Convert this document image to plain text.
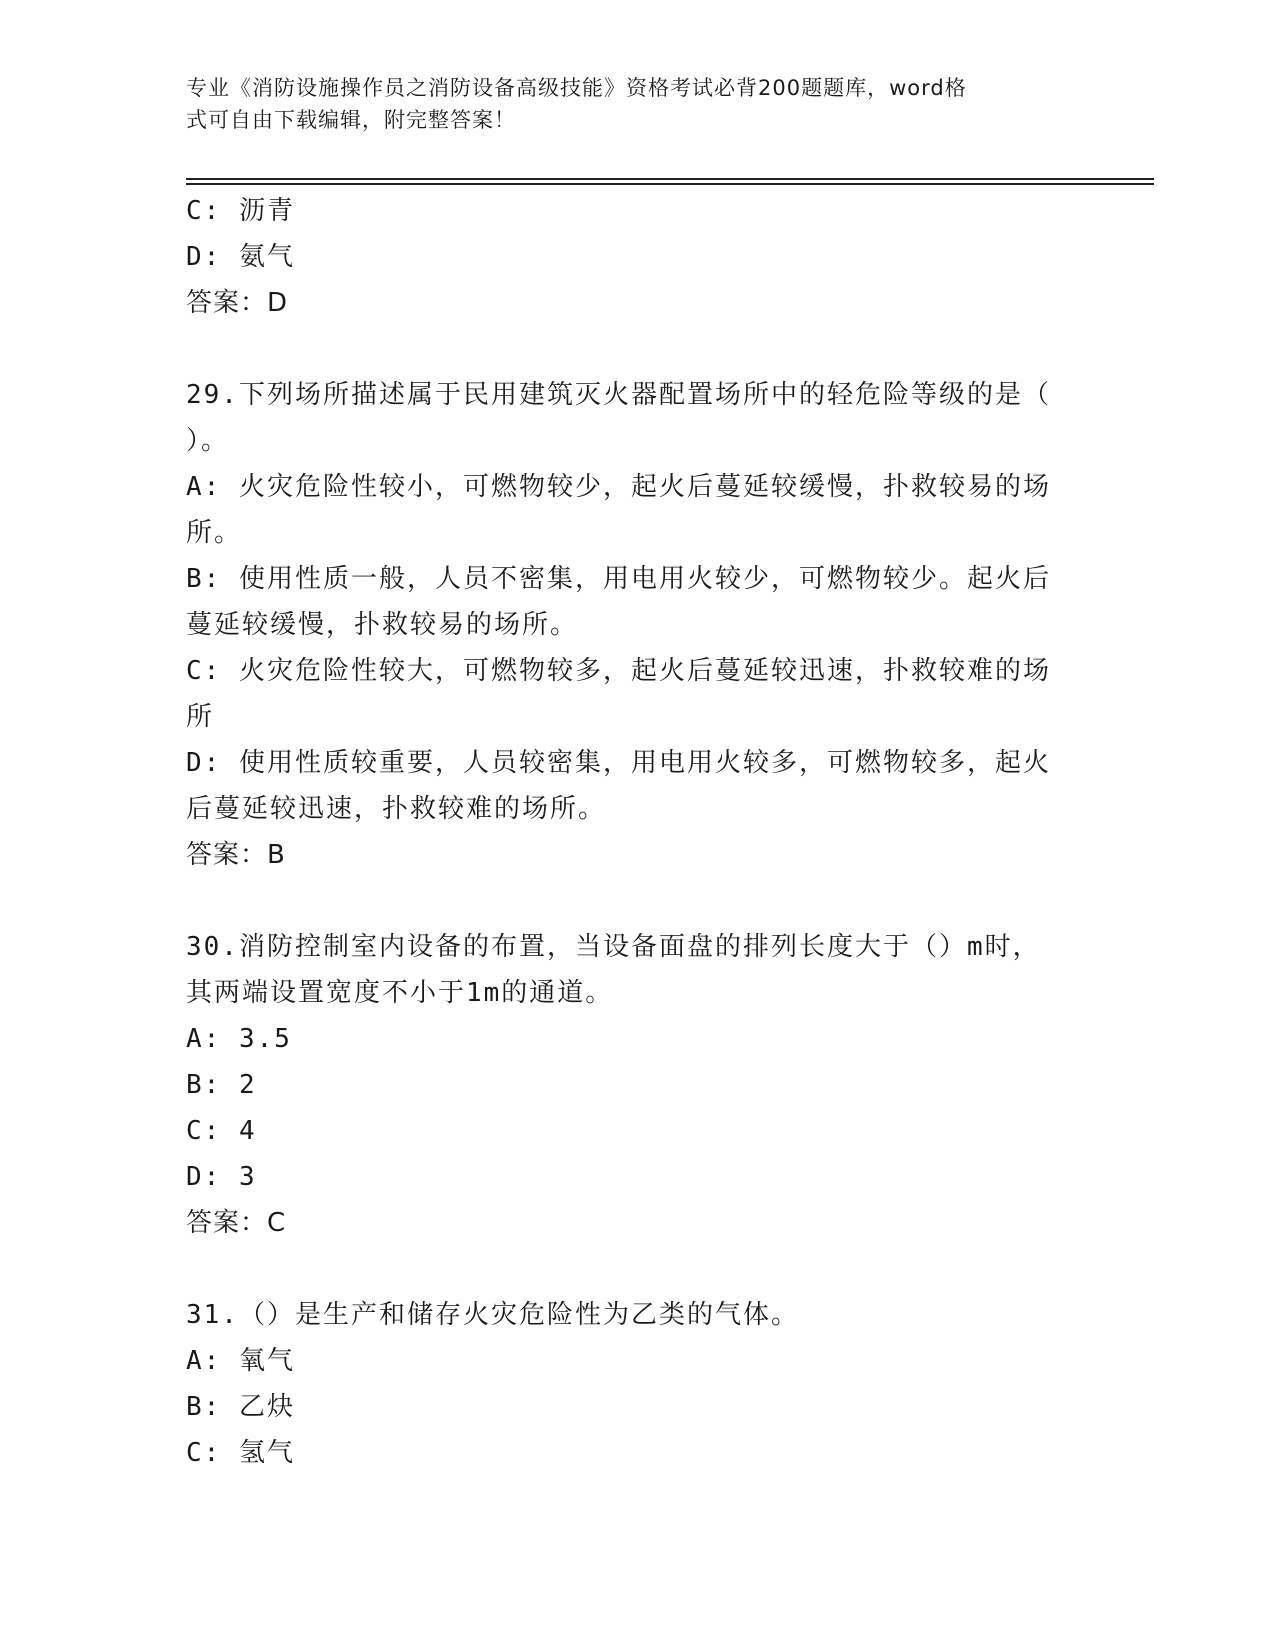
专业《消防设施操作员之消防设备高级技能》资格考试必背200题题库，word格
式可自由下载编辑，附完整答案！
C: 沥青
D: 氨气
答案：D
29.下列场所描述属于民用建筑灭火器配置场所中的轻危险等级的是（
）。
A: 火灾危险性较小，可燃物较少，起火后蔓延较缓慢，扑救较易的场
所。
B: 使用性质一般，人员不密集，用电用火较少，可燃物较少。起火后
蔓延较缓慢，扑救较易的场所。
C: 火灾危险性较大，可燃物较多，起火后蔓延较迅速，扑救较难的场
所
D: 使用性质较重要，人员较密集，用电用火较多，可燃物较多，起火
后蔓延较迅速，扑救较难的场所。
答案：B
30.消防控制室内设备的布置，当设备面盘的排列长度大于（）m时，
其两端设置宽度不小于1m的通道。
A: 3.5
B: 2
C: 4
D: 3
答案：C
31.（）是生产和储存火灾危险性为乙类的气体。
A: 氧气
B: 乙炔
C: 氢气
